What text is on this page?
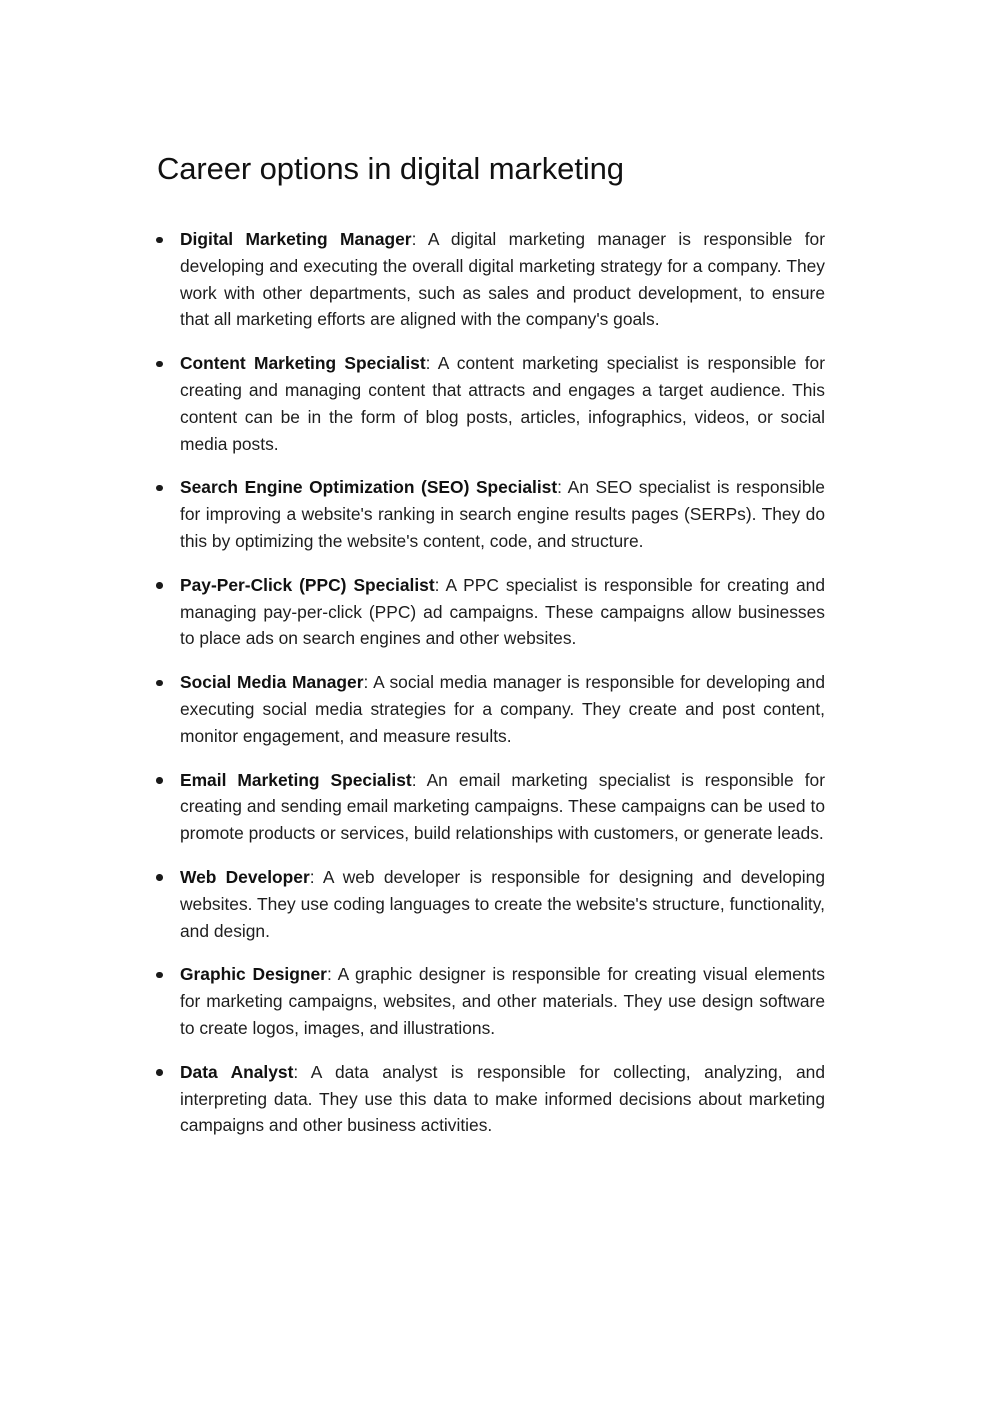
Career options in digital marketing
Digital Marketing Manager: A digital marketing manager is responsible for developing and executing the overall digital marketing strategy for a company. They work with other departments, such as sales and product development, to ensure that all marketing efforts are aligned with the company's goals.
Content Marketing Specialist: A content marketing specialist is responsible for creating and managing content that attracts and engages a target audience. This content can be in the form of blog posts, articles, infographics, videos, or social media posts.
Search Engine Optimization (SEO) Specialist: An SEO specialist is responsible for improving a website's ranking in search engine results pages (SERPs). They do this by optimizing the website's content, code, and structure.
Pay-Per-Click (PPC) Specialist: A PPC specialist is responsible for creating and managing pay-per-click (PPC) ad campaigns. These campaigns allow businesses to place ads on search engines and other websites.
Social Media Manager: A social media manager is responsible for developing and executing social media strategies for a company. They create and post content, monitor engagement, and measure results.
Email Marketing Specialist: An email marketing specialist is responsible for creating and sending email marketing campaigns. These campaigns can be used to promote products or services, build relationships with customers, or generate leads.
Web Developer: A web developer is responsible for designing and developing websites. They use coding languages to create the website's structure, functionality, and design.
Graphic Designer: A graphic designer is responsible for creating visual elements for marketing campaigns, websites, and other materials. They use design software to create logos, images, and illustrations.
Data Analyst: A data analyst is responsible for collecting, analyzing, and interpreting data. They use this data to make informed decisions about marketing campaigns and other business activities.
